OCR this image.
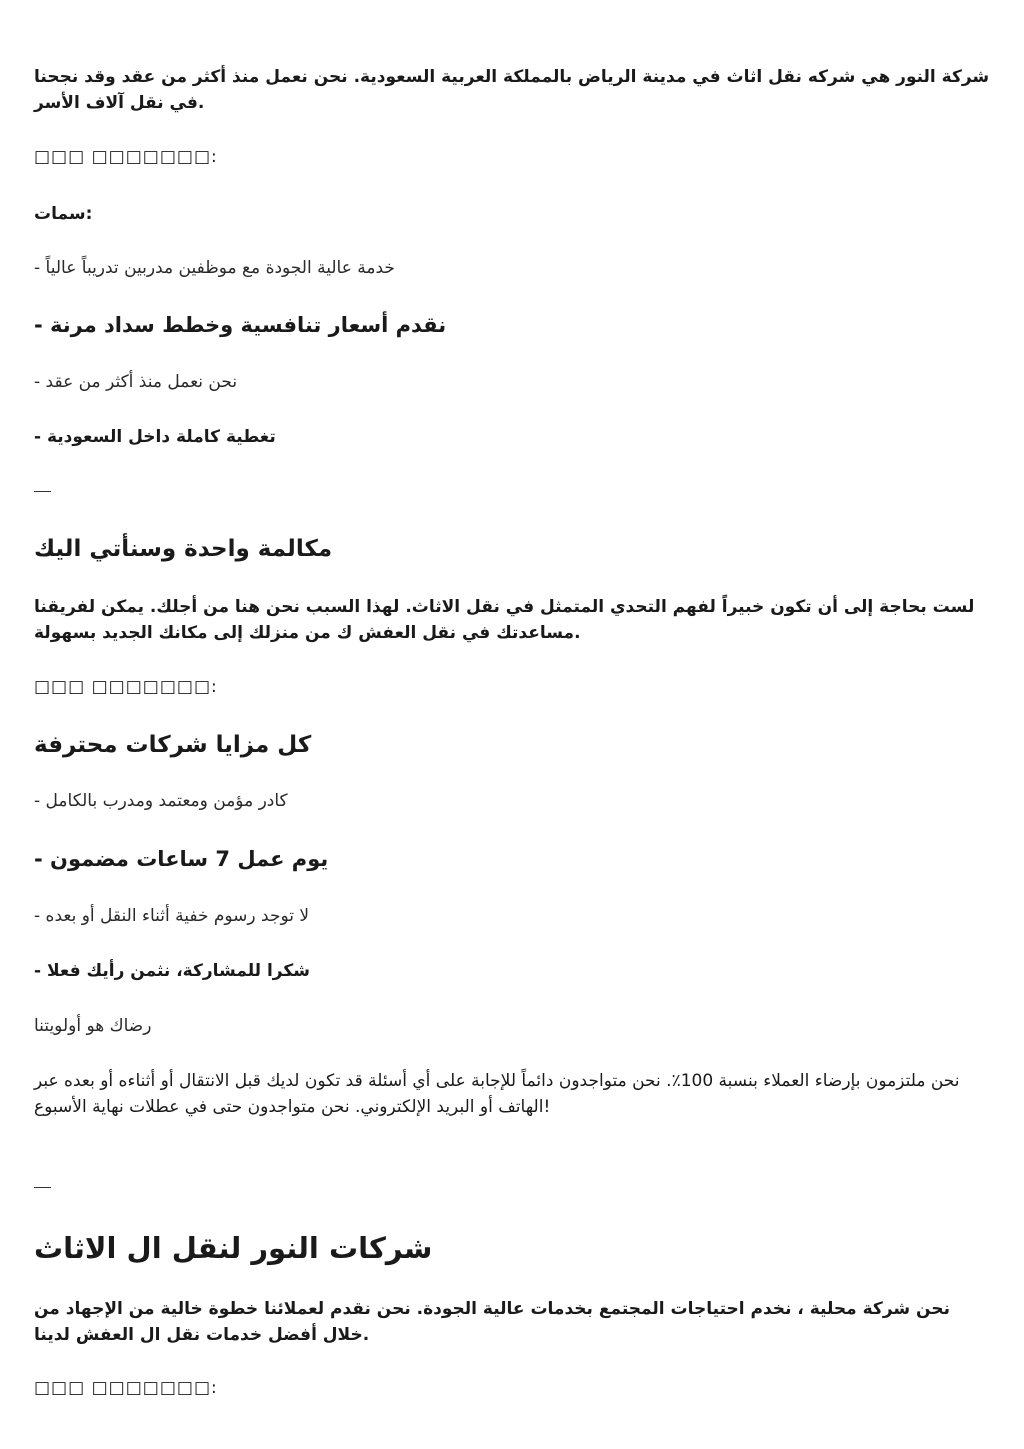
شركة النور هي شركه نقل اثاث في مدينة الرياض بالمملكة العربية السعودية. نحن نعمل منذ أكثر من عقد وقد نجحنا في نقل آلاف الأسر.

□□□ □□□□□□□:

سمات:

- خدمة عالية الجودة مع موظفين مدربين تدريباً عالياً

- نقدم أسعار تنافسية وخطط سداد مرنة

- نحن نعمل منذ أكثر من عقد

- تغطية كاملة داخل السعودية

مكالمة واحدة وسنأتي اليك

لست بحاجة إلى أن تكون خبيراً لفهم التحدي المتمثل في نقل الاثاث. لهذا السبب نحن هنا من أجلك. يمكن لفريقنا مساعدتك في نقل العفش ك من منزلك إلى مكانك الجديد بسهولة.

□□□ □□□□□□□:

كل مزايا شركات محترفة

- كادر مؤمن ومعتمد ومدرب بالكامل

- يوم عمل 7 ساعات مضمون

- لا توجد رسوم خفية أثناء النقل أو بعده

- شكرا للمشاركة، نثمن رأيك فعلا

رضاك هو أولويتنا

نحن ملتزمون بإرضاء العملاء بنسبة 100٪. نحن متواجدون دائماً للإجابة على أي أسئلة قد تكون لديك قبل الانتقال أو أثناءه أو بعده عبر الهاتف أو البريد الإلكتروني. نحن متواجدون حتى في عطلات نهاية الأسبوع!

شركات النور لنقل ال الاثاث

نحن شركة محلية ، نخدم احتياجات المجتمع بخدمات عالية الجودة. نحن نقدم لعملائنا خطوة خالية من الإجهاد من خلال أفضل خدمات نقل ال العفش لدينا.

□□□ □□□□□□□:
